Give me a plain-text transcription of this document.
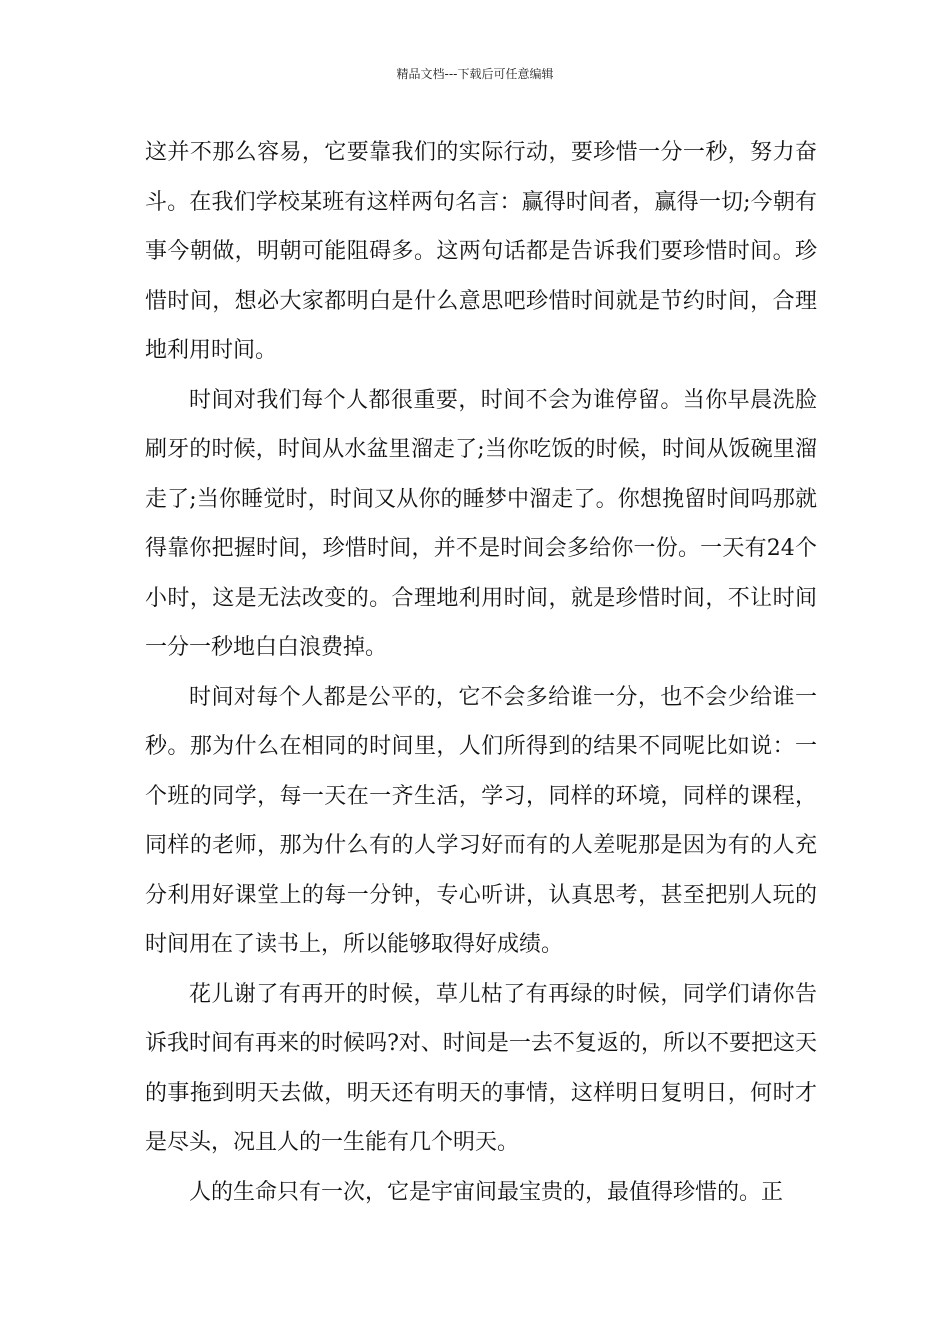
精品文档---下载后可任意编辑

这并不那么容易，它要靠我们的实际行动，要珍惜一分一秒，努力奋斗。在我们学校某班有这样两句名言：赢得时间者，赢得一切;今朝有事今朝做，明朝可能阻碍多。这两句话都是告诉我们要珍惜时间。珍惜时间，想必大家都明白是什么意思吧珍惜时间就是节约时间，合理地利用时间。

时间对我们每个人都很重要，时间不会为谁停留。当你早晨洗脸刷牙的时候，时间从水盆里溜走了;当你吃饭的时候，时间从饭碗里溜走了;当你睡觉时，时间又从你的睡梦中溜走了。你想挽留时间吗那就得靠你把握时间，珍惜时间，并不是时间会多给你一份。一天有24个小时，这是无法改变的。合理地利用时间，就是珍惜时间，不让时间一分一秒地白白浪费掉。

时间对每个人都是公平的，它不会多给谁一分，也不会少给谁一秒。那为什么在相同的时间里，人们所得到的结果不同呢比如说：一个班的同学，每一天在一齐生活，学习，同样的环境，同样的课程，同样的老师，那为什么有的人学习好而有的人差呢那是因为有的人充分利用好课堂上的每一分钟，专心听讲，认真思考，甚至把别人玩的时间用在了读书上，所以能够取得好成绩。

花儿谢了有再开的时候，草儿枯了有再绿的时候，同学们请你告诉我时间有再来的时候吗?对、时间是一去不复返的，所以不要把这天的事拖到明天去做，明天还有明天的事情，这样明日复明日，何时才是尽头，况且人的一生能有几个明天。

人的生命只有一次，它是宇宙间最宝贵的，最值得珍惜的。正
